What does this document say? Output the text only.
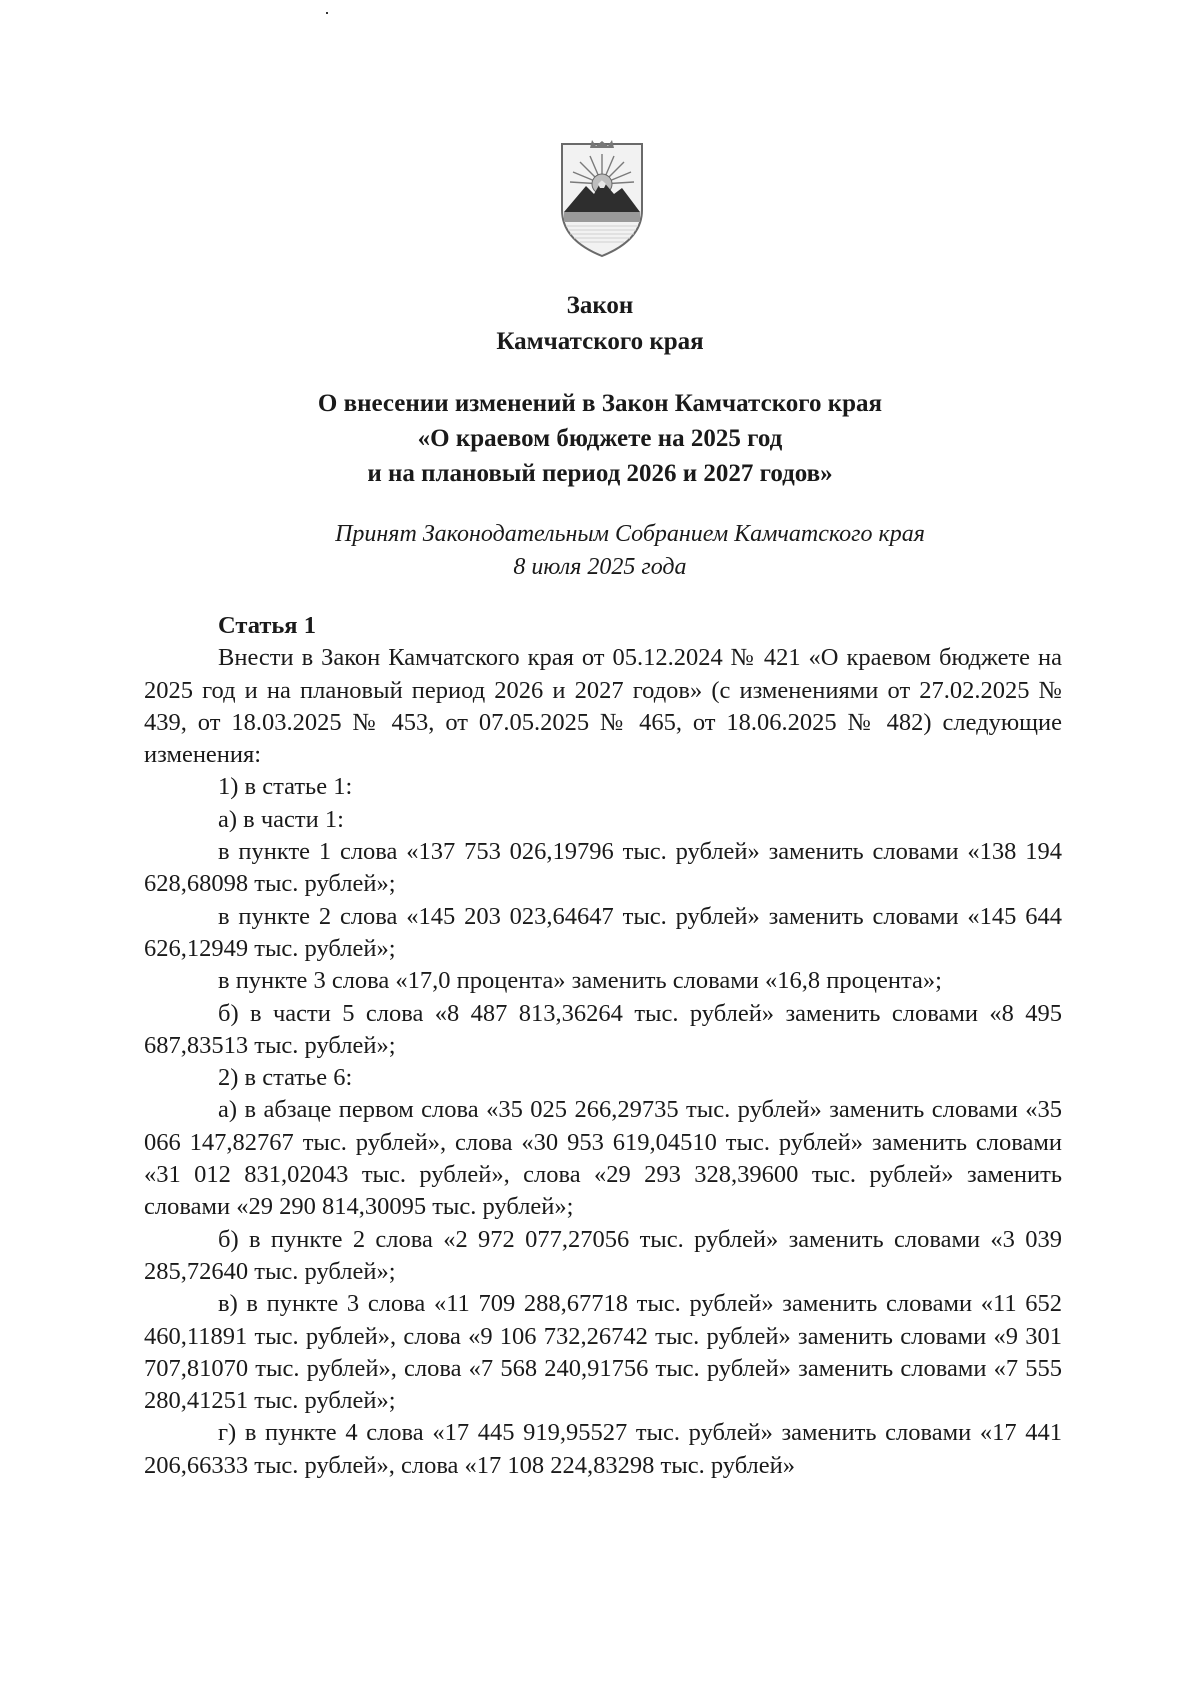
Закон
Камчатского края
О внесении изменений в Закон Камчатского края
«О краевом бюджете на 2025 год
и на плановый период 2026 и 2027 годов»
Принят Законодательным Собранием Камчатского края
8 июля 2025 года
Статья 1

Внести в Закон Камчатского края от 05.12.2024 № 421 «О краевом бюджете на 2025 год и на плановый период 2026 и 2027 годов» (с изменениями от 27.02.2025 № 439, от 18.03.2025 № 453, от 07.05.2025 № 465, от 18.06.2025 № 482) следующие изменения:

1) в статье 1:

а) в части 1:

в пункте 1 слова «137 753 026,19796 тыс. рублей» заменить словами «138 194 628,68098 тыс. рублей»;

в пункте 2 слова «145 203 023,64647 тыс. рублей» заменить словами «145 644 626,12949 тыс. рублей»;

в пункте 3 слова «17,0 процента» заменить словами «16,8 процента»;

б) в части 5 слова «8 487 813,36264 тыс. рублей» заменить словами «8 495 687,83513 тыс. рублей»;

2) в статье 6:

а) в абзаце первом слова «35 025 266,29735 тыс. рублей» заменить словами «35 066 147,82767 тыс. рублей», слова «30 953 619,04510 тыс. рублей» заменить словами «31 012 831,02043 тыс. рублей», слова «29 293 328,39600 тыс. рублей» заменить словами «29 290 814,30095 тыс. рублей»;

б) в пункте 2 слова «2 972 077,27056 тыс. рублей» заменить словами «3 039 285,72640 тыс. рублей»;

в) в пункте 3 слова «11 709 288,67718 тыс. рублей» заменить словами «11 652 460,11891 тыс. рублей», слова «9 106 732,26742 тыс. рублей» заменить словами «9 301 707,81070 тыс. рублей», слова «7 568 240,91756 тыс. рублей» заменить словами «7 555 280,41251 тыс. рублей»;

г) в пункте 4 слова «17 445 919,95527 тыс. рублей» заменить словами «17 441 206,66333 тыс. рублей», слова «17 108 224,83298 тыс. рублей»
